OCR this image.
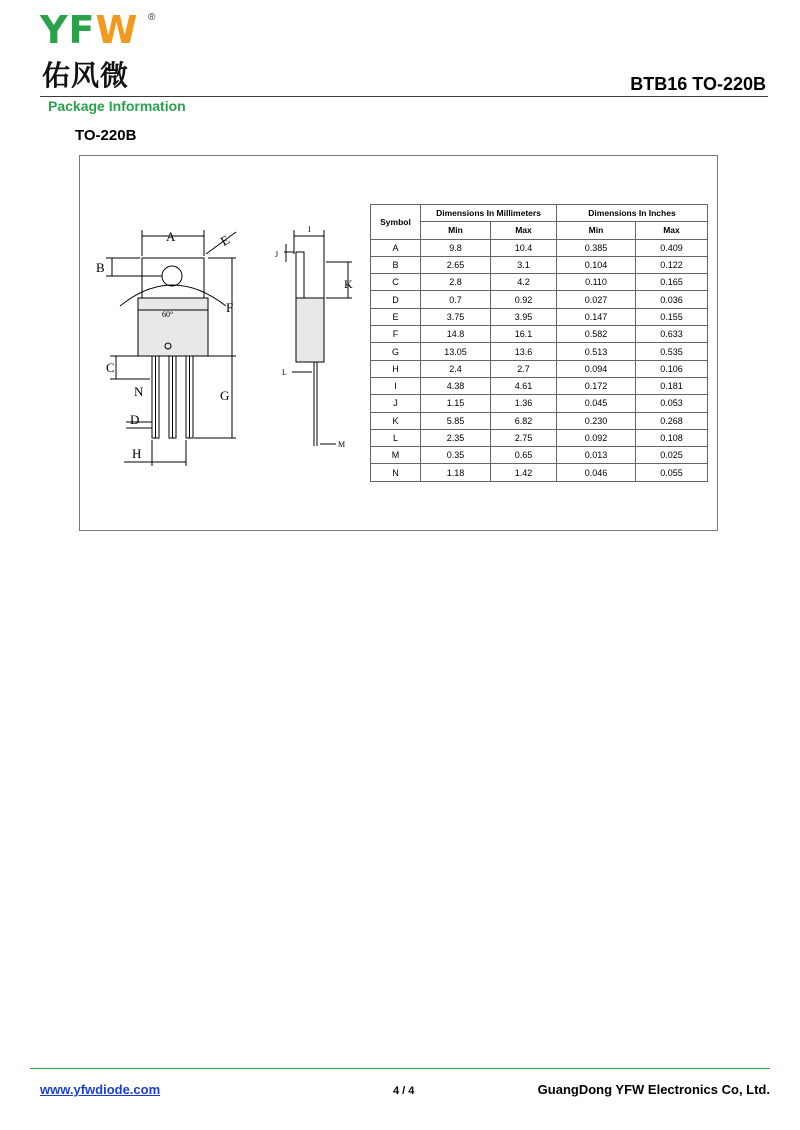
YFW ®
佑风微	BTB16 TO-220B
Package Information
TO-220B
A
B
C
D
E
F
G
H
N
60°
I
J
K
L
M
Symbol	Dimensions In Millimeters		Dimensions In Inches	
	Min	Max	Min	Max
A	9.8	10.4	0.385	0.409
B	2.65	3.1	0.104	0.122
C	2.8	4.2	0.110	0.165
D	0.7	0.92	0.027	0.036
E	3.75	3.95	0.147	0.155
F	14.8	16.1	0.582	0.633
G	13.05	13.6	0.513	0.535
H	2.4	2.7	0.094	0.106
I	4.38	4.61	0.172	0.181
J	1.15	1.36	0.045	0.053
K	5.85	6.82	0.230	0.268
L	2.35	2.75	0.092	0.108
M	0.35	0.65	0.013	0.025
N	1.18	1.42	0.046	0.055
www.yfwdiode.com	4 / 4	GuangDong YFW Electronics Co, Ltd.
